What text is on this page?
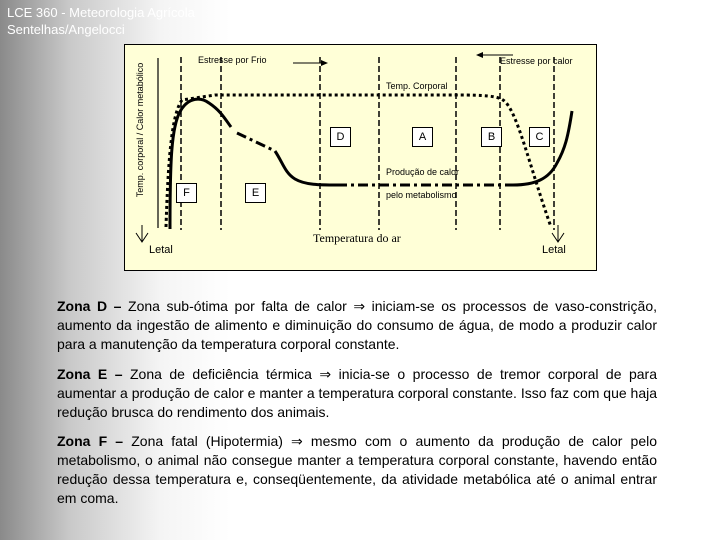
LCE 360 - Meteorologia Agrícola
Sentelhas/Angelocci
Estresse por Frio	Estresse por calor
Temp. Corporal
Produção de calor
pelo metabolismo
D	A	B	C
F	E
Temperatura do ar
Letal	Letal
Temp. corporal / Calor metabólico
Zona D – Zona sub-ótima por falta de calor ⇒ iniciam-se os processos de vaso-constrição, aumento da ingestão de alimento e diminuição do consumo de água, de modo a produzir calor para a manutenção da temperatura corporal constante.
Zona E – Zona de deficiência térmica ⇒ inicia-se o processo de tremor corporal de para aumentar a produção de calor e manter a temperatura corporal constante. Isso faz com que haja redução brusca do rendimento dos animais.
Zona F – Zona fatal (Hipotermia) ⇒ mesmo com o aumento da produção de calor pelo metabolismo, o animal não consegue manter a temperatura corporal constante, havendo então redução dessa temperatura e, conseqüentemente, da atividade metabólica até o animal entrar em coma.
